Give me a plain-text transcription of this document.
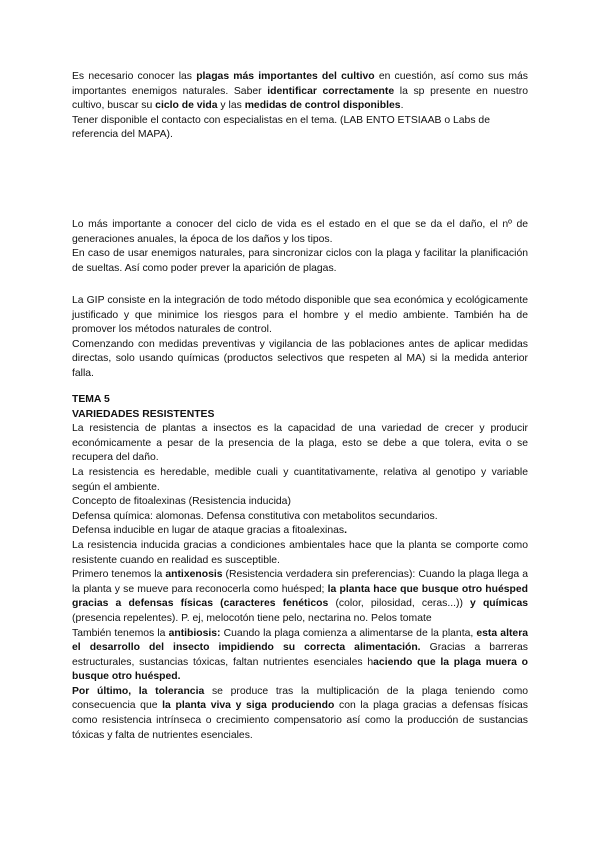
Es necesario conocer las plagas más importantes del cultivo en cuestión, así como sus más importantes enemigos naturales. Saber identificar correctamente la sp presente en nuestro cultivo, buscar su ciclo de vida y las medidas de control disponibles.

Tener disponible el contacto con especialistas en el tema. (LAB ENTO ETSIAAB o Labs de referencia del MAPA).

Lo más importante a conocer del ciclo de vida es el estado en el que se da el daño, el nº de generaciones anuales, la época de los daños y los tipos.

En caso de usar enemigos naturales, para sincronizar ciclos con la plaga y facilitar la planificación de sueltas. Así como poder prever la aparición de plagas.

La GIP consiste en la integración de todo método disponible que sea económica y ecológicamente justificado y que minimice los riesgos para el hombre y el medio ambiente. También ha de promover los métodos naturales de control.

Comenzando con medidas preventivas y vigilancia de las poblaciones antes de aplicar medidas directas, solo usando químicas (productos selectivos que respeten al MA) si la medida anterior falla.

TEMA 5

VARIEDADES RESISTENTES

La resistencia de plantas a insectos es la capacidad de una variedad de crecer y producir económicamente a pesar de la presencia de la plaga, esto se debe a que tolera, evita o se recupera del daño.

La resistencia es heredable, medible cuali y cuantitativamente, relativa al genotipo y variable según el ambiente.

Concepto de fitoalexinas (Resistencia inducida)

Defensa química: alomonas. Defensa constitutiva con metabolitos secundarios.

Defensa inducible en lugar de ataque gracias a fitoalexinas.

La resistencia inducida gracias a condiciones ambientales hace que la planta se comporte como resistente cuando en realidad es susceptible.

Primero tenemos la antixenosis (Resistencia verdadera sin preferencias): Cuando la plaga llega a la planta y se mueve para reconocerla como huésped; la planta hace que busque otro huésped gracias a defensas físicas (caracteres fenéticos (color, pilosidad, ceras...)) y químicas (presencia repelentes). P. ej, melocotón tiene pelo, nectarina no. Pelos tomate

También tenemos la antibiosis: Cuando la plaga comienza a alimentarse de la planta, esta altera el desarrollo del insecto impidiendo su correcta alimentación. Gracias a barreras estructurales, sustancias tóxicas, faltan nutrientes esenciales haciendo que la plaga muera o busque otro huésped.

Por último, la tolerancia se produce tras la multiplicación de la plaga teniendo como consecuencia que la planta viva y siga produciendo con la plaga gracias a defensas físicas como resistencia intrínseca o crecimiento compensatorio así como la producción de sustancias tóxicas y falta de nutrientes esenciales.
